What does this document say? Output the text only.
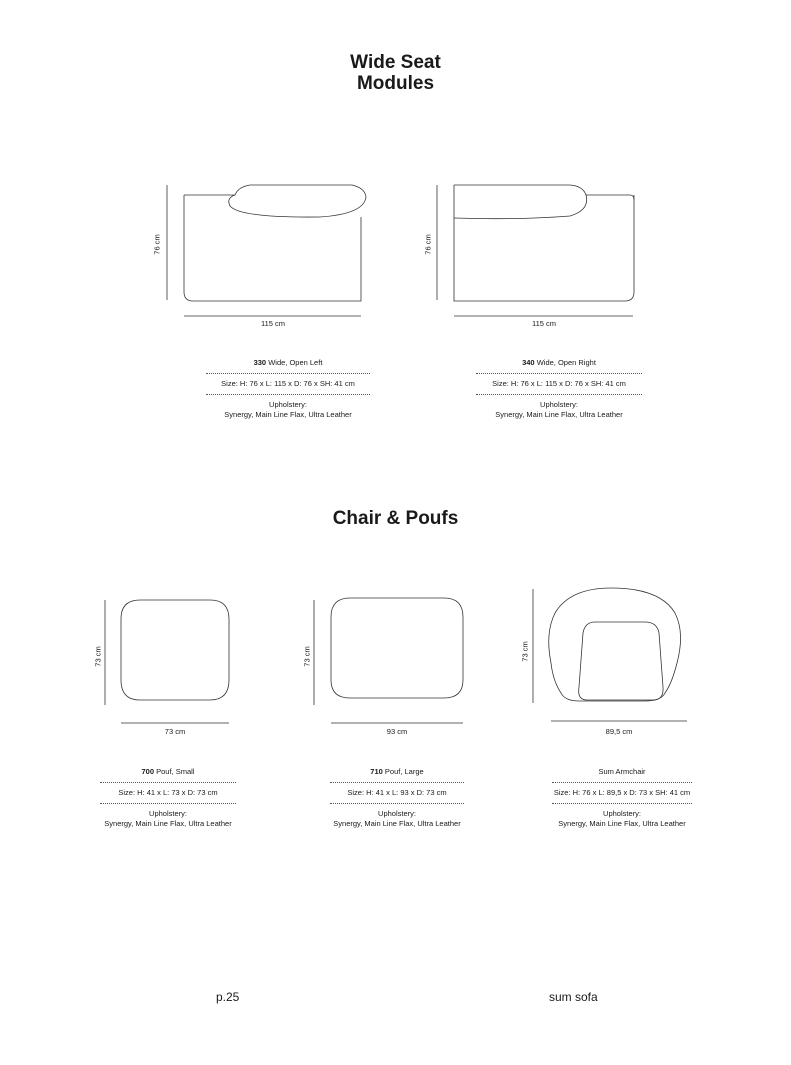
Wide Seat
Modules
76 cm
115 cm
76 cm
115 cm
330 Wide, Open Left
Size: H: 76 x L: 115 x D: 76 x SH: 41 cm
Upholstery:
Synergy, Main Line Flax, Ultra Leather
340 Wide, Open Right
Size: H: 76 x L: 115 x D: 76 x SH: 41 cm
Upholstery:
Synergy, Main Line Flax, Ultra Leather
Chair & Poufs
73 cm
73 cm
73 cm
93 cm
73 cm
89,5 cm
700 Pouf, Small
Size: H: 41 x L: 73 x D: 73 cm
Upholstery:
Synergy, Main Line Flax, Ultra Leather
710 Pouf, Large
Size: H: 41 x L: 93 x D: 73 cm
Upholstery:
Synergy, Main Line Flax, Ultra Leather
Sum Armchair
Size: H: 76 x L: 89,5 x D: 73 x SH: 41 cm
Upholstery:
Synergy, Main Line Flax, Ultra Leather
p.25	sum sofa
